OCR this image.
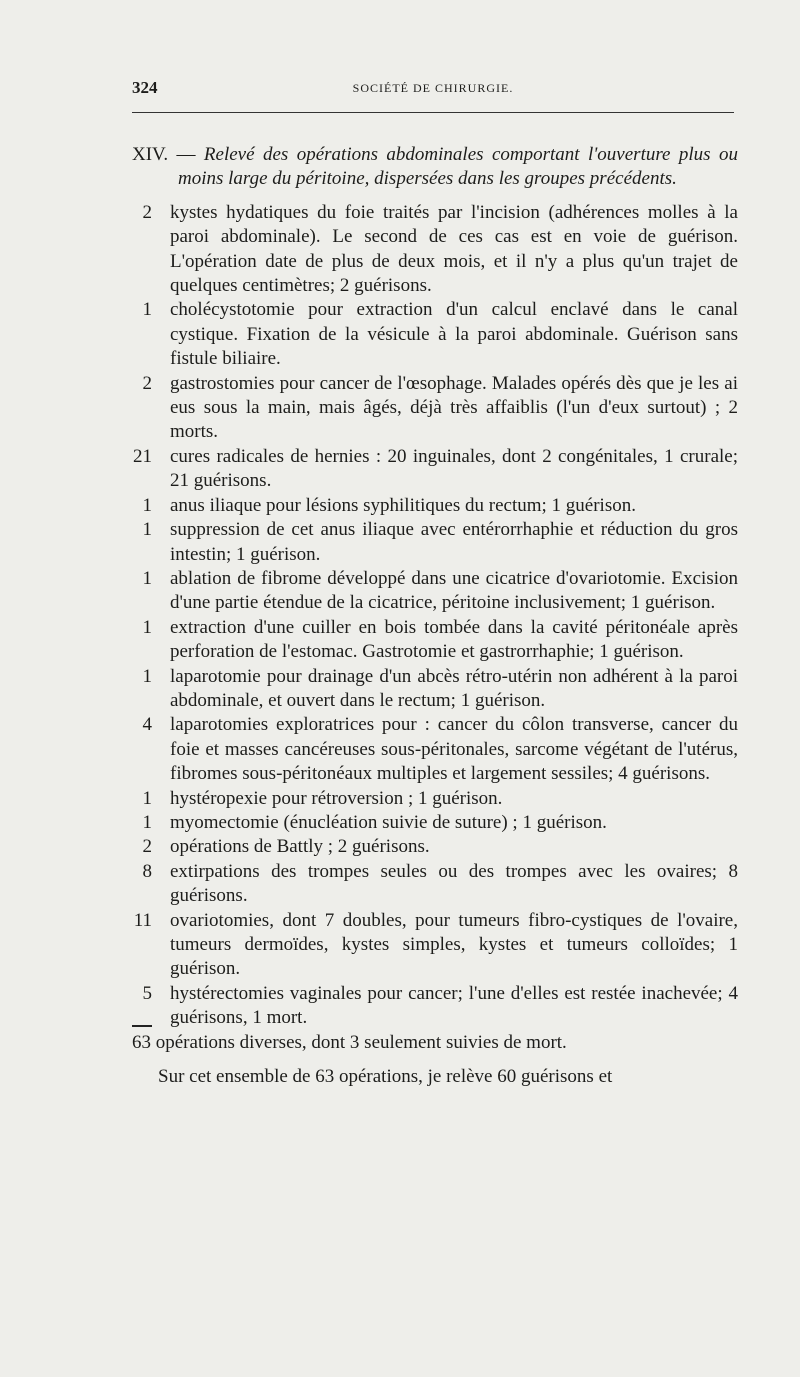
324	SOCIÉTÉ DE CHIRURGIE.

XIV. — Relevé des opérations abdominales comportant l'ouverture plus ou moins large du péritoine, dispersées dans les groupes précédents.

2 kystes hydatiques du foie traités par l'incision (adhérences molles à la paroi abdominale). Le second de ces cas est en voie de guérison. L'opération date de plus de deux mois, et il n'y a plus qu'un trajet de quelques centimètres; 2 guérisons.

1 cholécystotomie pour extraction d'un calcul enclavé dans le canal cystique. Fixation de la vésicule à la paroi abdominale. Guérison sans fistule biliaire.

2 gastrostomies pour cancer de l'œsophage. Malades opérés dès que je les ai eus sous la main, mais âgés, déjà très affaiblis (l'un d'eux surtout) ; 2 morts.

21 cures radicales de hernies : 20 inguinales, dont 2 congénitales, 1 crurale; 21 guérisons.

1 anus iliaque pour lésions syphilitiques du rectum; 1 guérison.

1 suppression de cet anus iliaque avec entérorrhaphie et réduction du gros intestin; 1 guérison.

1 ablation de fibrome développé dans une cicatrice d'ovariotomie. Excision d'une partie étendue de la cicatrice, péritoine inclusivement; 1 guérison.

1 extraction d'une cuiller en bois tombée dans la cavité péritonéale après perforation de l'estomac. Gastrotomie et gastrorrhaphie; 1 guérison.

1 laparotomie pour drainage d'un abcès rétro-utérin non adhérent à la paroi abdominale, et ouvert dans le rectum; 1 guérison.

4 laparotomies exploratrices pour : cancer du côlon transverse, cancer du foie et masses cancéreuses sous-péritonales, sarcome végétant de l'utérus, fibromes sous-péritonéaux multiples et largement sessiles; 4 guérisons.

1 hystéropexie pour rétroversion ; 1 guérison.

1 myomectomie (énucléation suivie de suture) ; 1 guérison.

2 opérations de Battly ; 2 guérisons.

8 extirpations des trompes seules ou des trompes avec les ovaires; 8 guérisons.

11 ovariotomies, dont 7 doubles, pour tumeurs fibro-cystiques de l'ovaire, tumeurs dermoïdes, kystes simples, kystes et tumeurs colloïdes; 1 guérison.

5 hystérectomies vaginales pour cancer; l'une d'elles est restée inachevée; 4 guérisons, 1 mort.

63 opérations diverses, dont 3 seulement suivies de mort.

Sur cet ensemble de 63 opérations, je relève 60 guérisons et
